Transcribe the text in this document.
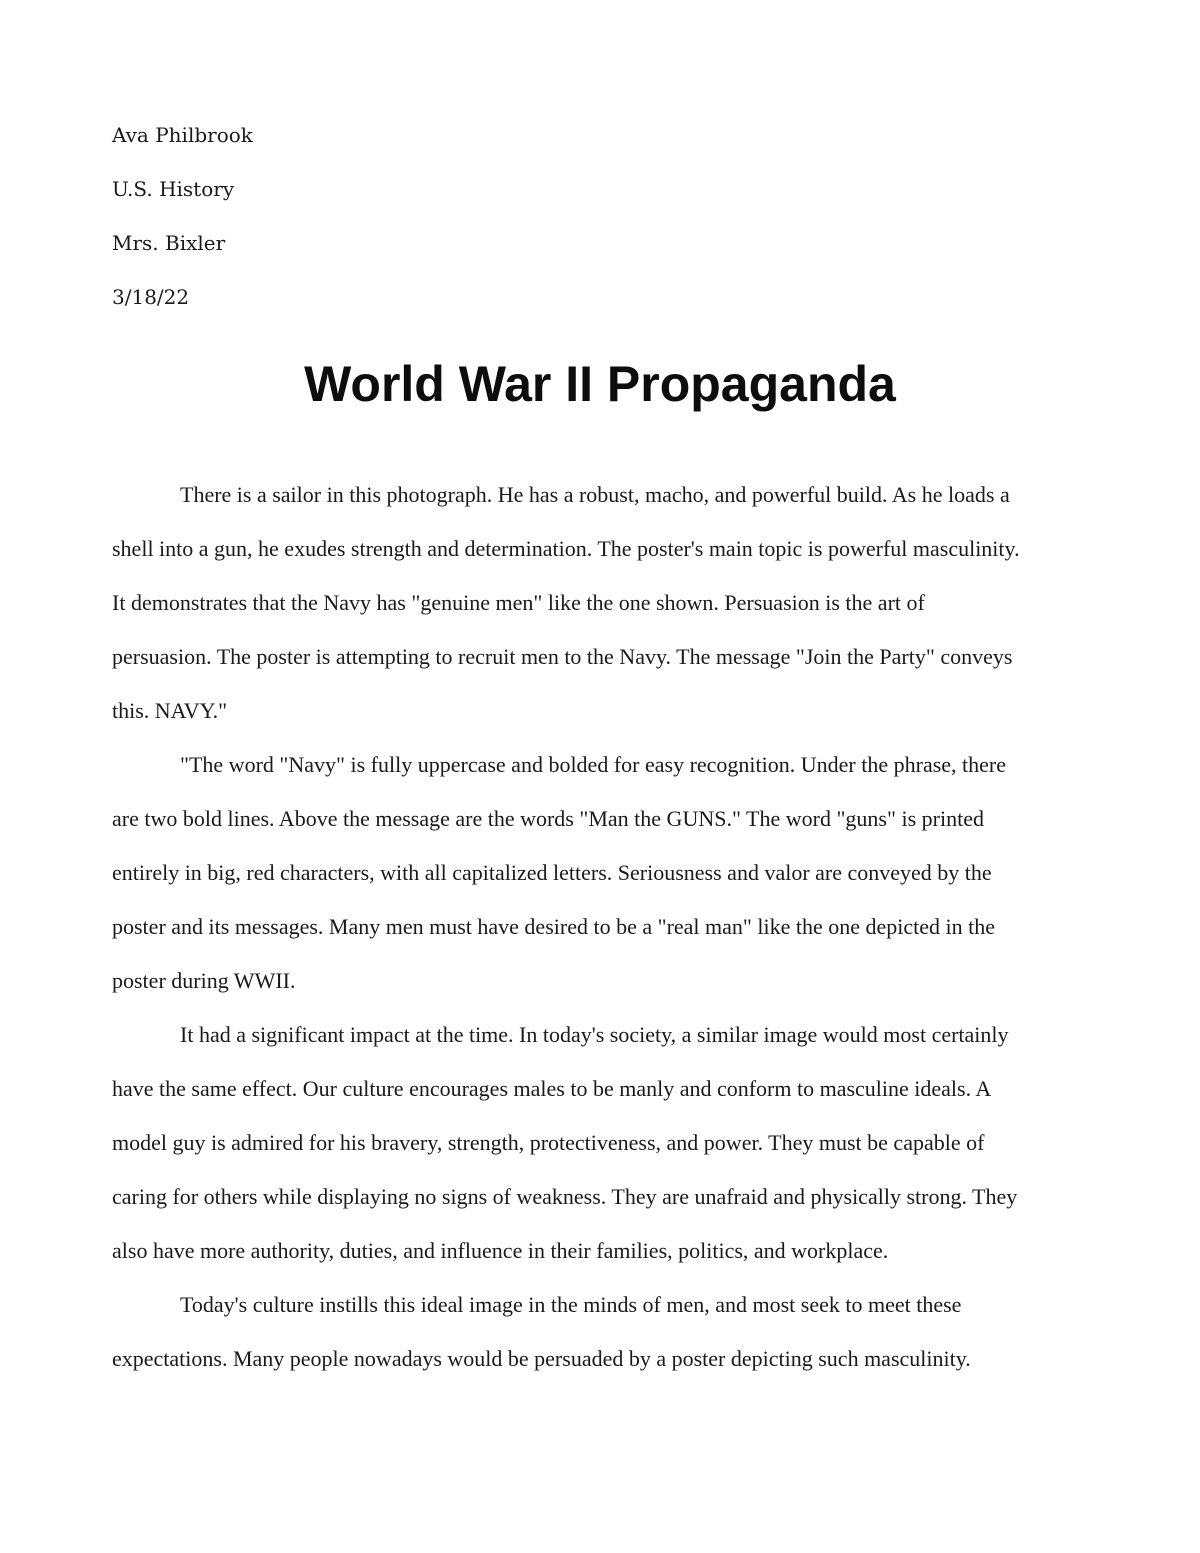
Ava Philbrook
U.S. History
Mrs. Bixler
3/18/22
World War II Propaganda
There is a sailor in this photograph. He has a robust, macho, and powerful build. As he loads a
shell into a gun, he exudes strength and determination. The poster's main topic is powerful masculinity.
It demonstrates that the Navy has "genuine men" like the one shown. Persuasion is the art of
persuasion. The poster is attempting to recruit men to the Navy. The message "Join the Party" conveys
this. NAVY."
"The word "Navy" is fully uppercase and bolded for easy recognition. Under the phrase, there
are two bold lines. Above the message are the words "Man the GUNS." The word "guns" is printed
entirely in big, red characters, with all capitalized letters. Seriousness and valor are conveyed by the
poster and its messages. Many men must have desired to be a "real man" like the one depicted in the
poster during WWII.
It had a significant impact at the time. In today's society, a similar image would most certainly
have the same effect. Our culture encourages males to be manly and conform to masculine ideals. A
model guy is admired for his bravery, strength, protectiveness, and power. They must be capable of
caring for others while displaying no signs of weakness. They are unafraid and physically strong. They
also have more authority, duties, and influence in their families, politics, and workplace.
Today's culture instills this ideal image in the minds of men, and most seek to meet these
expectations. Many people nowadays would be persuaded by a poster depicting such masculinity.
